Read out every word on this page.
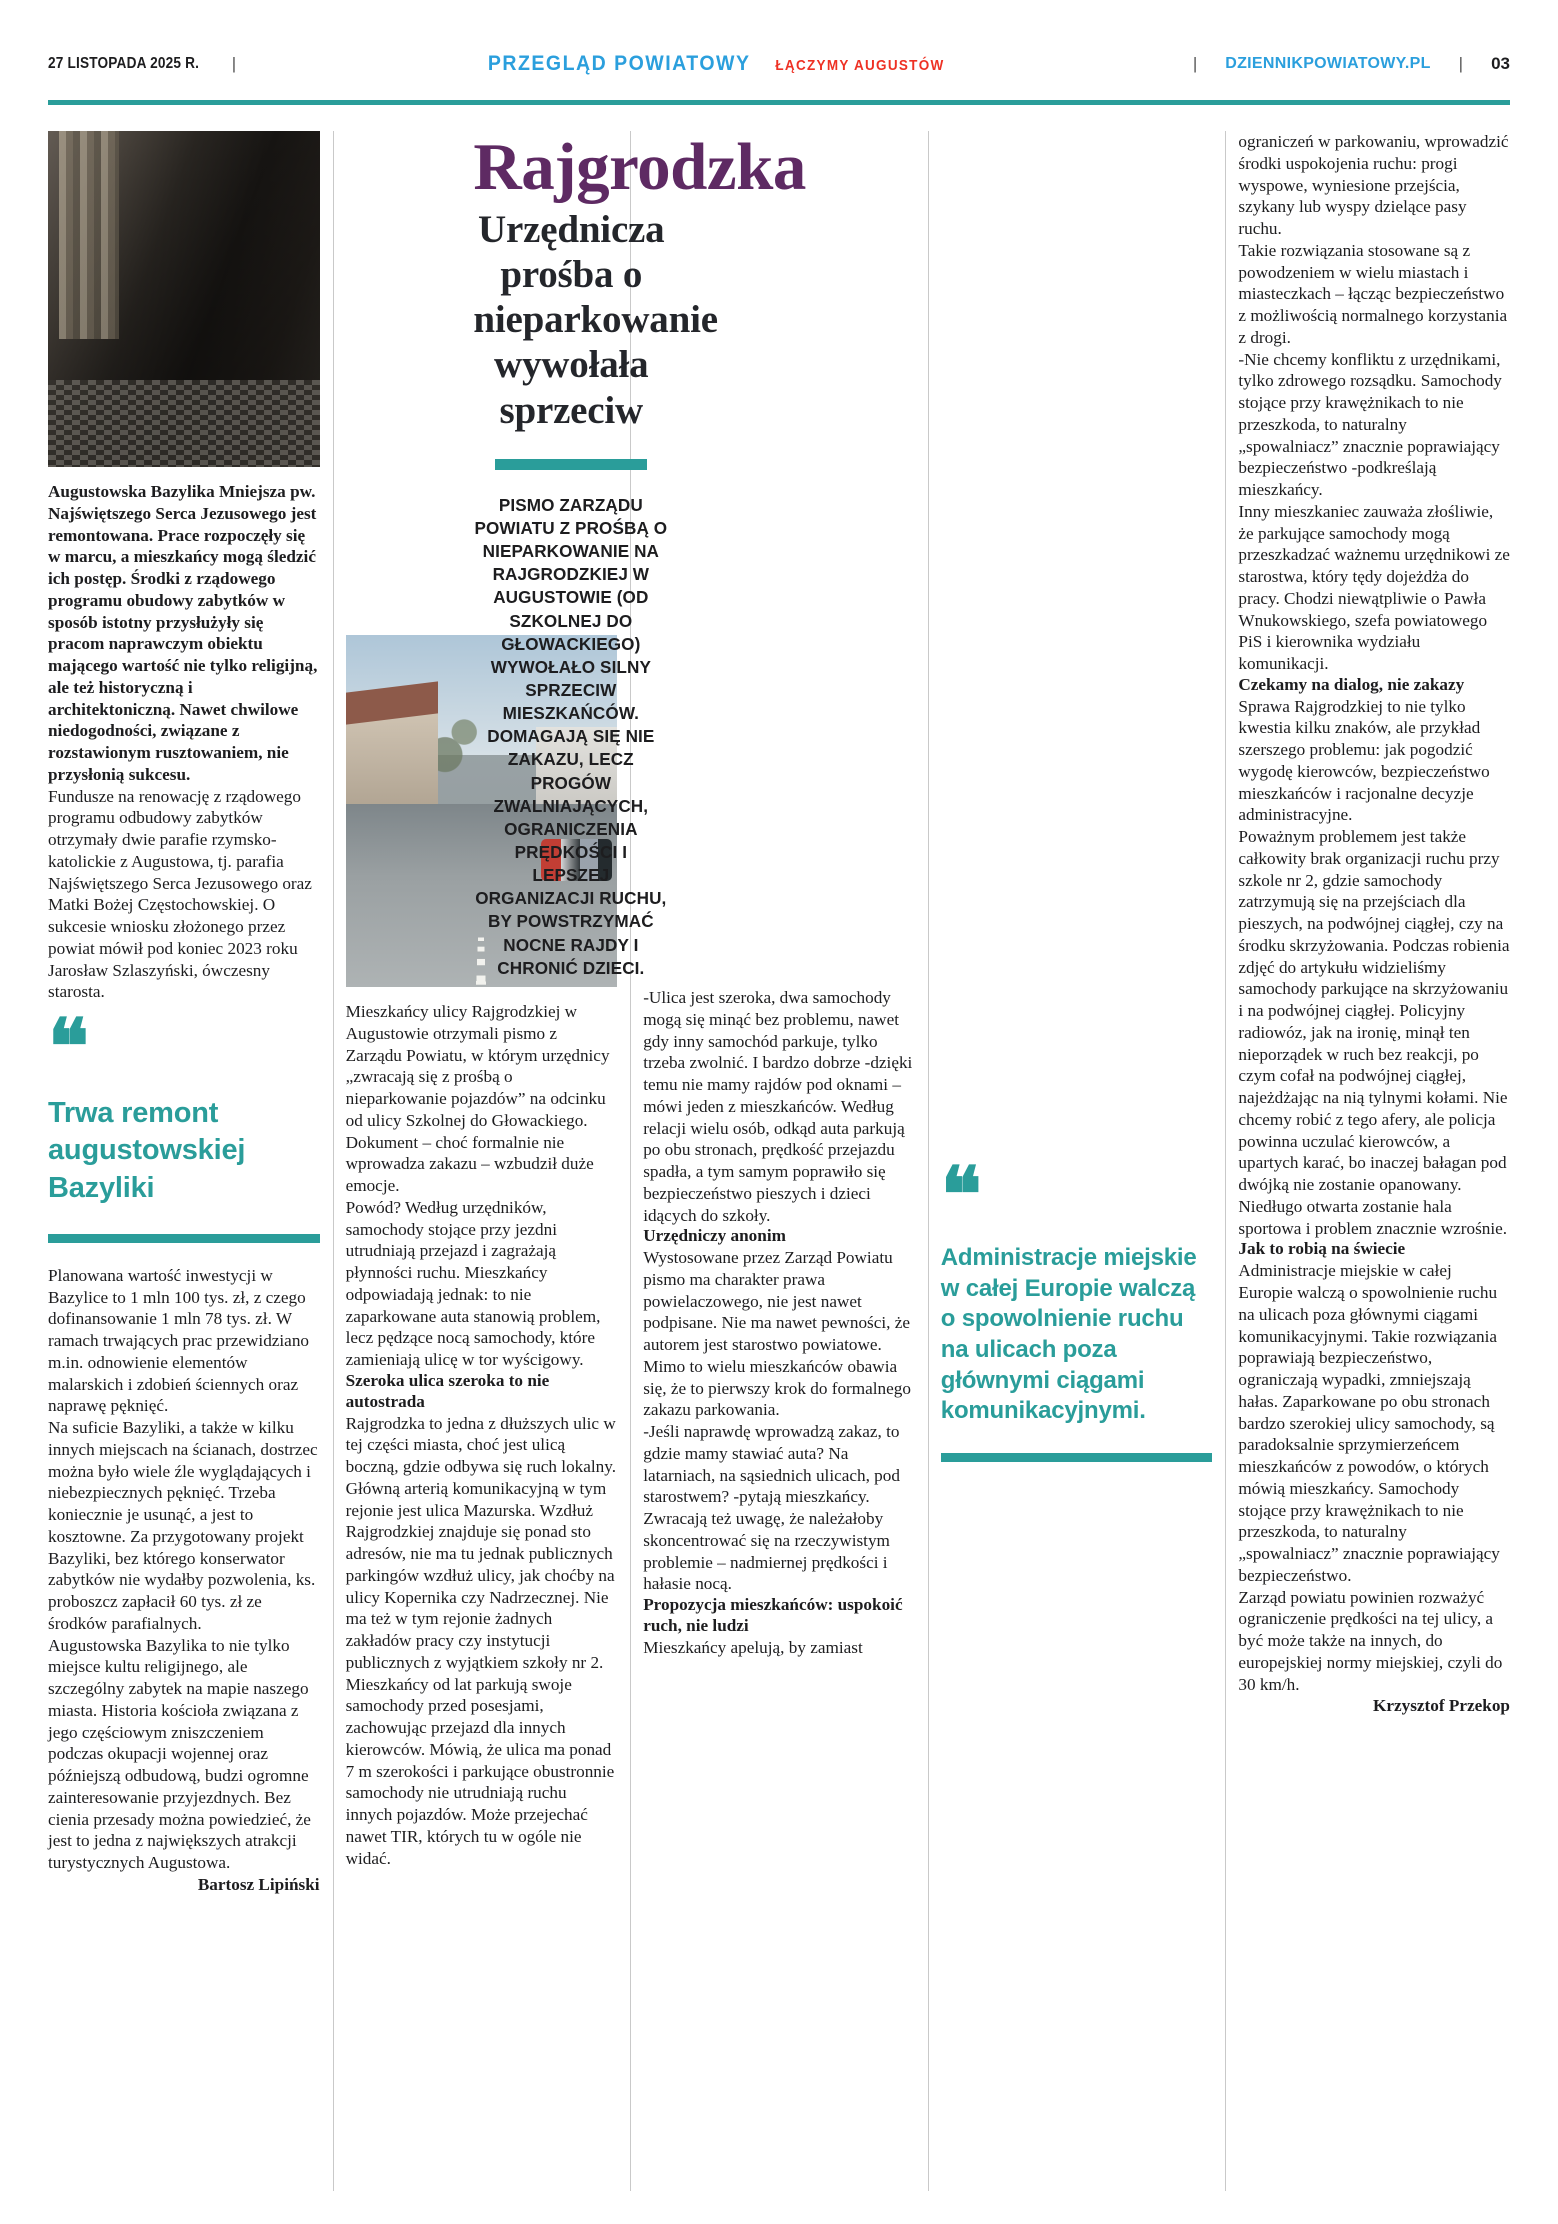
27 LISTOPADA 2025 R. |	PRZEGLĄD POWIATOWY ŁĄCZYMY AUGUSTÓW	| DZIENNIKPOWIATOWY.PL | 03

Augustowska Bazylika Mniejsza pw. Najświętszego Serca Jezusowego jest remontowana. Prace rozpoczęły się w marcu, a mieszkańcy mogą śledzić ich postęp. Środki z rządowego programu obudowy zabytków w sposób istotny przysłużyły się pracom naprawczym obiektu mającego wartość nie tylko religijną, ale też historyczną i architektoniczną. Nawet chwilowe niedogodności, związane z rozstawionym rusztowaniem, nie przysłonią sukcesu.

Fundusze na renowację z rządowego programu odbudowy zabytków otrzymały dwie parafie rzymsko-katolickie z Augustowa, tj. parafia Najświętszego Serca Jezusowego oraz Matki Bożej Częstochowskiej. O sukcesie wniosku złożonego przez powiat mówił pod koniec 2023 roku Jarosław Szlaszyński, ówczesny starosta.

❝
Trwa remont augustowskiej Bazyliki

Planowana wartość inwestycji w Bazylice to 1 mln 100 tys. zł, z czego dofinansowanie 1 mln 78 tys. zł. W ramach trwających prac przewidziano m.in. odnowienie elementów malarskich i zdobień ściennych oraz naprawę pęknięć.

Na suficie Bazyliki, a także w kilku innych miejscach na ścianach, dostrzec można było wiele źle wyglądających i niebezpiecznych pęknięć. Trzeba koniecznie je usunąć, a jest to kosztowne. Za przygotowany projekt Bazyliki, bez którego konserwator zabytków nie wydałby pozwolenia, ks. proboszcz zapłacił 60 tys. zł ze środków parafialnych.

Augustowska Bazylika to nie tylko miejsce kultu religijnego, ale szczególny zabytek na mapie naszego miasta. Historia kościoła związana z jego częściowym zniszczeniem podczas okupacji wojennej oraz późniejszą odbudową, budzi ogromne zainteresowanie przyjezdnych. Bez cienia przesady można powiedzieć, że jest to jedna z największych atrakcji turystycznych Augustowa.

Bartosz Lipiński

Mieszkańcy ulicy Rajgrodzkiej w Augustowie otrzymali pismo z Zarządu Powiatu, w którym urzędnicy „zwracają się z prośbą o nieparkowanie pojazdów” na odcinku od ulicy Szkolnej do Głowackiego. Dokument – choć formalnie nie wprowadza zakazu – wzbudził duże emocje.

Powód? Według urzędników, samochody stojące przy jezdni utrudniają przejazd i zagrażają płynności ruchu. Mieszkańcy odpowiadają jednak: to nie zaparkowane auta stanowią problem, lecz pędzące nocą samochody, które zamieniają ulicę w tor wyścigowy.

Szeroka ulica szeroka to nie autostrada

Rajgrodzka to jedna z dłuższych ulic w tej części miasta, choć jest ulicą boczną, gdzie odbywa się ruch lokalny. Główną arterią komunikacyjną w tym rejonie jest ulica Mazurska. Wzdłuż Rajgrodzkiej znajduje się ponad sto adresów, nie ma tu jednak publicznych parkingów wzdłuż ulicy, jak choćby na ulicy Kopernika czy Nadrzecznej. Nie ma też w tym rejonie żadnych zakładów pracy czy instytucji publicznych z wyjątkiem szkoły nr 2. Mieszkańcy od lat parkują swoje samochody przed posesjami, zachowując przejazd dla innych kierowców. Mówią, że ulica ma ponad 7 m szerokości i parkujące obustronnie samochody nie utrudniają ruchu innych pojazdów. Może przejechać nawet TIR, których tu w ogóle nie widać.

-Ulica jest szeroka, dwa samochody mogą się minąć bez problemu, nawet gdy inny samochód parkuje, tylko trzeba zwolnić. I bardzo dobrze -dzięki temu nie mamy rajdów pod oknami – mówi jeden z mieszkańców. Według relacji wielu osób, odkąd auta parkują po obu stronach, prędkość przejazdu spadła, a tym samym poprawiło się bezpieczeństwo pieszych i dzieci idących do szkoły.

Urzędniczy anonim

Wystosowane przez Zarząd Powiatu pismo ma charakter prawa powielaczowego, nie jest nawet podpisane. Nie ma nawet pewności, że autorem jest starostwo powiatowe. Mimo to wielu mieszkańców obawia się, że to pierwszy krok do formalnego zakazu parkowania.

-Jeśli naprawdę wprowadzą zakaz, to gdzie mamy stawiać auta? Na latarniach, na sąsiednich ulicach, pod starostwem? -pytają mieszkańcy. Zwracają też uwagę, że należałoby skoncentrować się na rzeczywistym problemie – nadmiernej prędkości i hałasie nocą.

Propozycja mieszkańców: uspokoić ruch, nie ludzi

Mieszkańcy apelują, by zamiast

❝
Administracje miejskie w całej Europie walczą o spowolnienie ruchu na ulicach poza głównymi ciągami komunikacyjnymi.

ograniczeń w parkowaniu, wprowadzić środki uspokojenia ruchu: progi wyspowe, wyniesione przejścia, szykany lub wyspy dzielące pasy ruchu.

Takie rozwiązania stosowane są z powodzeniem w wielu miastach i miasteczkach – łącząc bezpieczeństwo z możliwością normalnego korzystania z drogi.

-Nie chcemy konfliktu z urzędnikami, tylko zdrowego rozsądku. Samochody stojące przy krawężnikach to nie przeszkoda, to naturalny „spowalniacz” znacznie poprawiający bezpieczeństwo -podkreślają mieszkańcy.

Inny mieszkaniec zauważa złośliwie, że parkujące samochody mogą przeszkadzać ważnemu urzędnikowi ze starostwa, który tędy dojeżdża do pracy. Chodzi niewątpliwie o Pawła Wnukowskiego, szefa powiatowego PiS i kierownika wydziału komunikacji.

Czekamy na dialog, nie zakazy

Sprawa Rajgrodzkiej to nie tylko kwestia kilku znaków, ale przykład szerszego problemu: jak pogodzić wygodę kierowców, bezpieczeństwo mieszkańców i racjonalne decyzje administracyjne.

Poważnym problemem jest także całkowity brak organizacji ruchu przy szkole nr 2, gdzie samochody zatrzymują się na przejściach dla pieszych, na podwójnej ciągłej, czy na środku skrzyżowania. Podczas robienia zdjęć do artykułu widzieliśmy samochody parkujące na skrzyżowaniu i na podwójnej ciągłej. Policyjny radiowóz, jak na ironię, minął ten nieporządek w ruch bez reakcji, po czym cofał na podwójnej ciągłej, najeżdżając na nią tylnymi kołami. Nie chcemy robić z tego afery, ale policja powinna uczulać kierowców, a upartych karać, bo inaczej bałagan pod dwójką nie zostanie opanowany. Niedługo otwarta zostanie hala sportowa i problem znacznie wzrośnie.

Jak to robią na świecie

Administracje miejskie w całej Europie walczą o spowolnienie ruchu na ulicach poza głównymi ciągami komunikacyjnymi. Takie rozwiązania poprawiają bezpieczeństwo, ograniczają wypadki, zmniejszają hałas. Zaparkowane po obu stronach bardzo szerokiej ulicy samochody, są paradoksalnie sprzymierzeńcem mieszkańców z powodów, o których mówią mieszkańcy. Samochody stojące przy krawężnikach to nie przeszkoda, to naturalny „spowalniacz” znacznie poprawiający bezpieczeństwo.

Zarząd powiatu powinien rozważyć ograniczenie prędkości na tej ulicy, a być może także na innych, do europejskiej normy miejskiej, czyli do 30 km/h.

Krzysztof Przekop

Rajgrodzka
Urzędnicza prośba o
nieparkowanie wywołała
sprzeciw

PISMO ZARZĄDU POWIATU Z PROŚBĄ O NIEPARKOWANIE NA RAJGRODZKIEJ W AUGUSTOWIE (OD SZKOLNEJ DO GŁOWACKIEGO) WYWOŁAŁO SILNY SPRZECIW MIESZKAŃCÓW. DOMAGAJĄ SIĘ NIE ZAKAZU, LECZ PROGÓW ZWALNIAJĄCYCH, OGRANICZENIA PRĘDKOŚCI I LEPSZEJ ORGANIZACJI RUCHU, BY POWSTRZYMAĆ NOCNE RAJDY I CHRONIĆ DZIECI.
